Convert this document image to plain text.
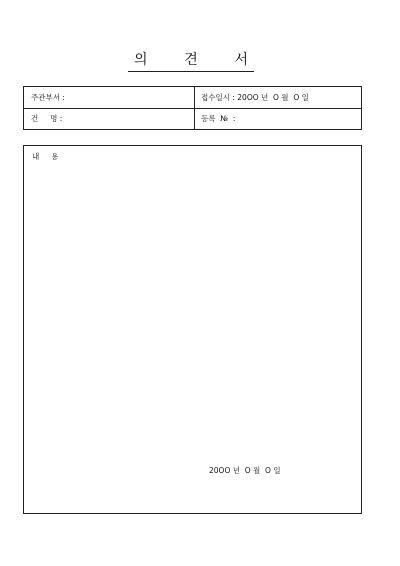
의	견	서
주관부서 :	접수일시 : 20OO 년  O 월  O 일
건     명 :	등록  №  :
내     용
20OO 년  O 월  O 일
